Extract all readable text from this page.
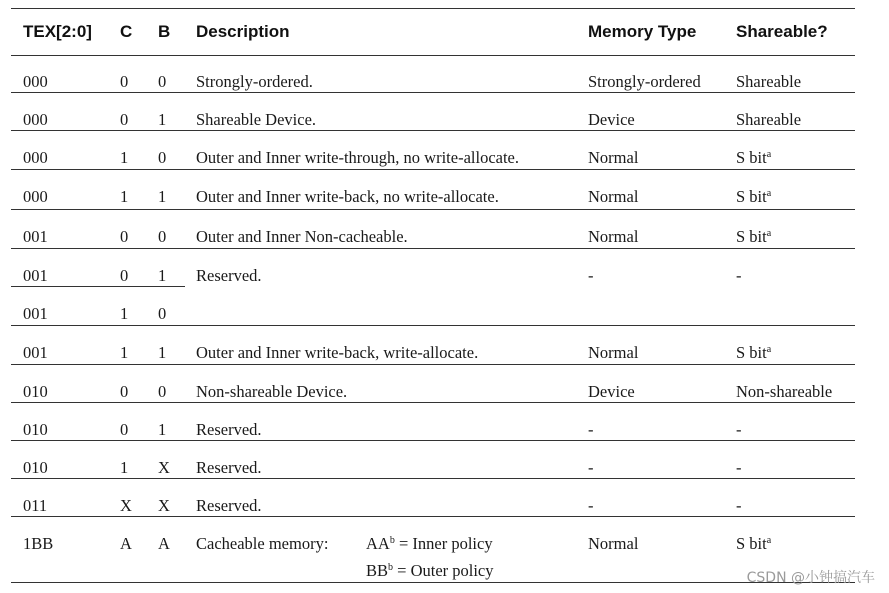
TEX[2:0] C B Description	Memory Type Shareable?
000	0 0 Strongly-ordered.	Strongly-ordered Shareable
000	0 1 Shareable Device.	Device	Shareable
000	1 0 Outer and Inner write-through, no write-allocate.	Normal	S bit$^a$
000	1 1 Outer and Inner write-back, no write-allocate.	Normal	S bit$^a$
001	0 0 Outer and Inner Non-cacheable.	Normal	S bit$^a$
001	0 1 Reserved.	-	-
001	1 0
001	1 1 Outer and Inner write-back, write-allocate.	Normal	S bit$^a$
010	0 0 Non-shareable Device.	Device	Non-shareable
010	0 1 Reserved.	-	-
010	1 X Reserved.	-	-
011	X X Reserved.	-	-
1BB	A A Cacheable memory:	Normal	S bit$^a$
$AA^b$ = Inner policy
$BB^b$ = Outer policy	CSDN @小钟搞汽车
